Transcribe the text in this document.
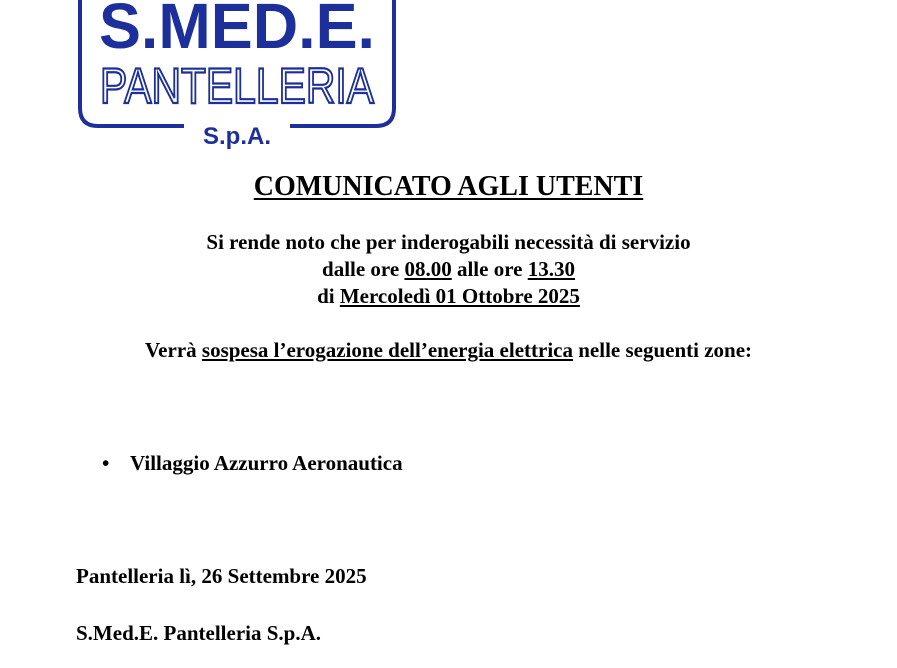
S.MED.E.
PANTELLERIA
S.p.A.
COMUNICATO AGLI UTENTI
Si rende noto che per inderogabili necessità di servizio
dalle ore 08.00 alle ore 13.30
di Mercoledì 01 Ottobre 2025
Verrà sospesa l’erogazione dell’energia elettrica nelle seguenti zone:
• Villaggio Azzurro Aeronautica
Pantelleria lì, 26 Settembre 2025
S.Med.E. Pantelleria S.p.A.
